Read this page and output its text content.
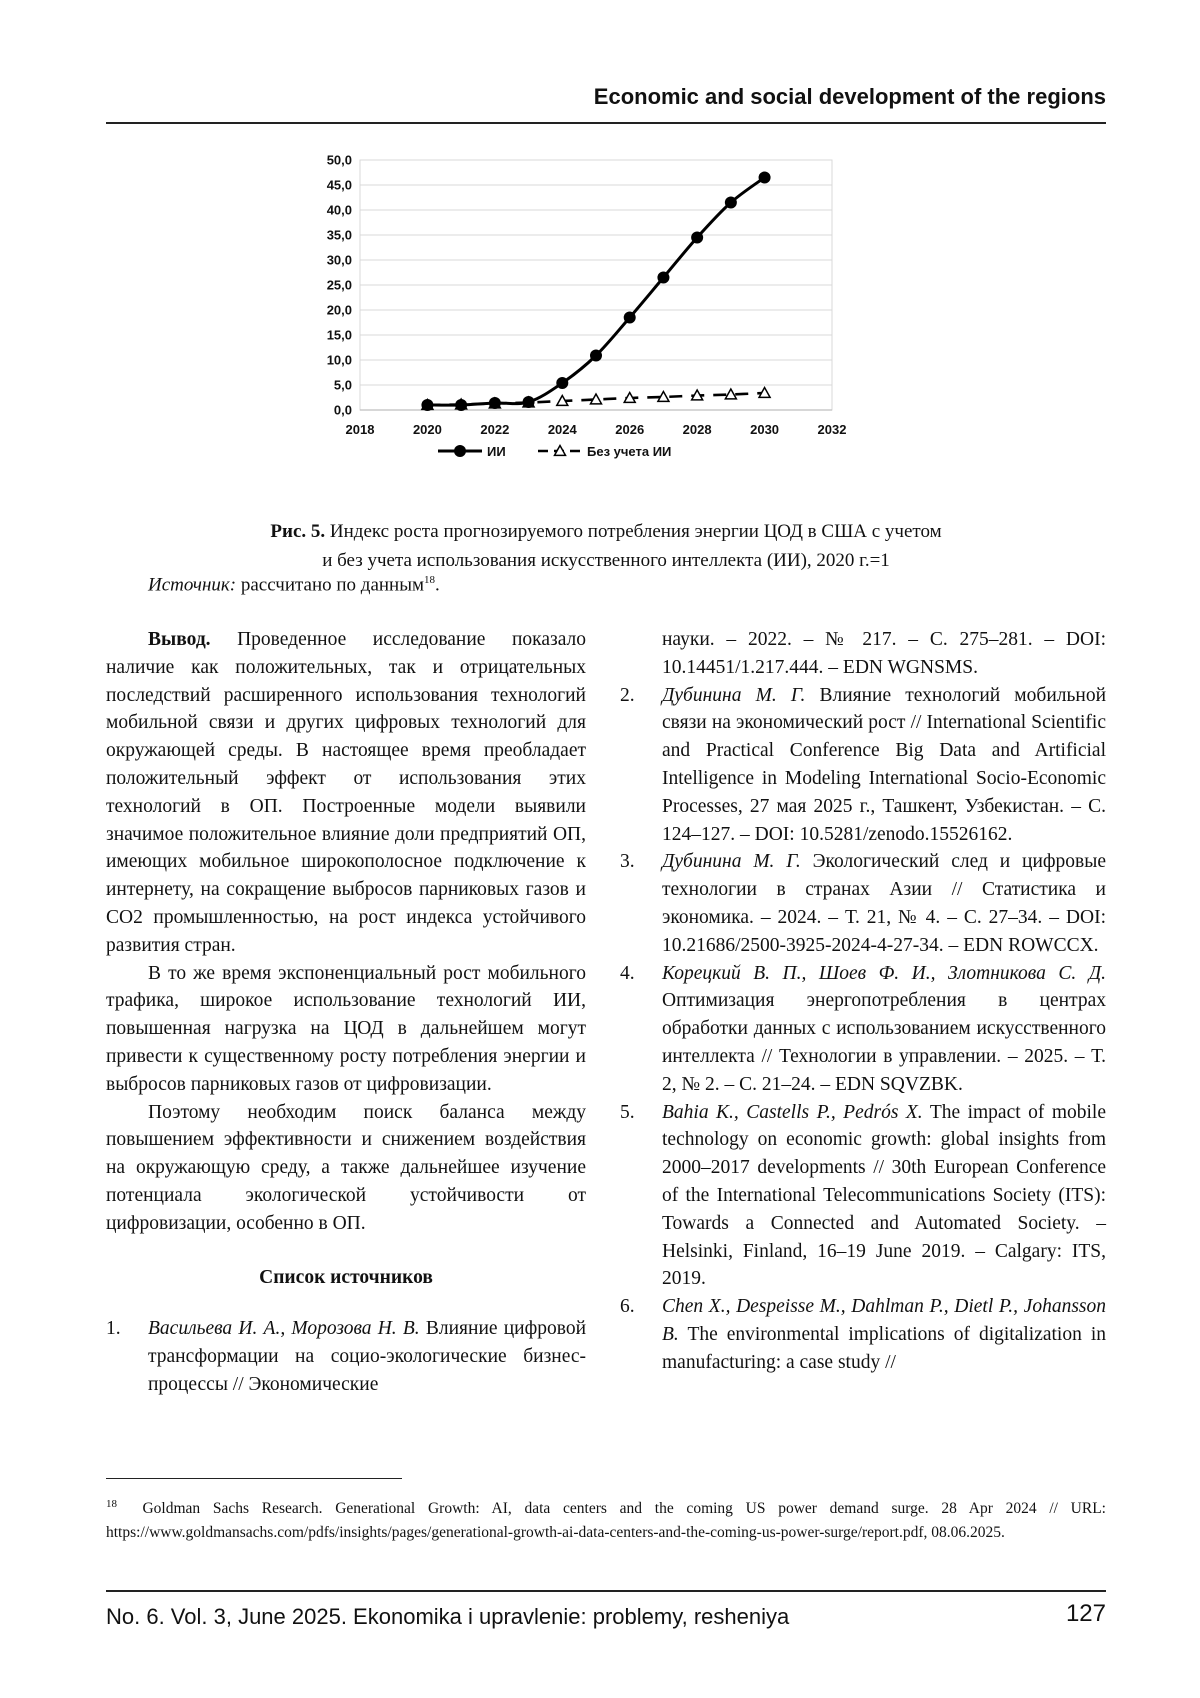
Economic and social development of the regions
0,0
5,0
10,0
15,0
20,0
25,0
30,0
35,0
40,0
45,0
50,0
2018	2020	2022	2024	2026	2028	2030	2032
ИИ	Без учета ИИ
Рис. 5. Индекс роста прогнозируемого потребления энергии ЦОД в США с учетом
и без учета использования искусственного интеллекта (ИИ), 2020 г.=1
Источник: рассчитано по данным$^{18}$.

Вывод. Проведенное исследование показало наличие как положительных, так и отрицательных последствий расширенного использования технологий мобильной связи и других цифровых технологий для окружающей среды. В настоящее время преобладает положительный эффект от использования этих технологий в ОП. Построенные модели выявили значимое положительное влияние доли предприятий ОП, имеющих мобильное широкополосное подключение к интернету, на сокращение выбросов парниковых газов и CO2 промышленностью, на рост индекса устойчивого развития стран.

В то же время экспоненциальный рост мобильного трафика, широкое использование технологий ИИ, повышенная нагрузка на ЦОД в дальнейшем могут привести к существенному росту потребления энергии и выбросов парниковых газов от цифровизации.

Поэтому необходим поиск баланса между повышением эффективности и снижением воздействия на окружающую среду, а также дальнейшее изучение потенциала экологической устойчивости от цифровизации, особенно в ОП.

Список источников

1. Васильева И. А., Морозова Н. В. Влияние цифровой трансформации на социо-экологические бизнес-процессы // Экономические
науки. – 2022. – № 217. – С. 275–281. – DOI: 10.14451/1.217.444. – EDN WGNSMS.
2. Дубинина М. Г. Влияние технологий мобильной связи на экономический рост // International Scientific and Practical Conference Big Data and Artificial Intelligence in Modeling International Socio-Economic Processes, 27 мая 2025 г., Ташкент, Узбекистан. – С. 124–127. – DOI: 10.5281/zenodo.15526162.
3. Дубинина М. Г. Экологический след и цифровые технологии в странах Азии // Статистика и экономика. – 2024. – Т. 21, № 4. – С. 27–34. – DOI: 10.21686/2500-3925-2024-4-27-34. – EDN ROWCCX.
4. Корецкий В. П., Шоев Ф. И., Злотникова С. Д. Оптимизация энергопотребления в центрах обработки данных с использованием искусственного интеллекта // Технологии в управлении. – 2025. – Т. 2, № 2. – С. 21–24. – EDN SQVZBK.
5. Bahia K., Castells P., Pedrós X. The impact of mobile technology on economic growth: global insights from 2000–2017 developments // 30th European Conference of the International Telecommunications Society (ITS): Towards a Connected and Automated Society. – Helsinki, Finland, 16–19 June 2019. – Calgary: ITS, 2019.
6. Chen X., Despeisse M., Dahlman P., Dietl P., Johansson B. The environmental implications of digitalization in manufacturing: a case study //
$^{18}$ Goldman Sachs Research. Generational Growth: AI, data centers and the coming US power demand surge. 28 Apr 2024 // URL: https://www.goldmansachs.com/pdfs/insights/pages/generational-growth-ai-data-centers-and-the-coming-us-power-surge/report.pdf, 08.06.2025.
No. 6. Vol. 3, June 2025. Ekonomika i upravlenie: problemy, resheniya	127
